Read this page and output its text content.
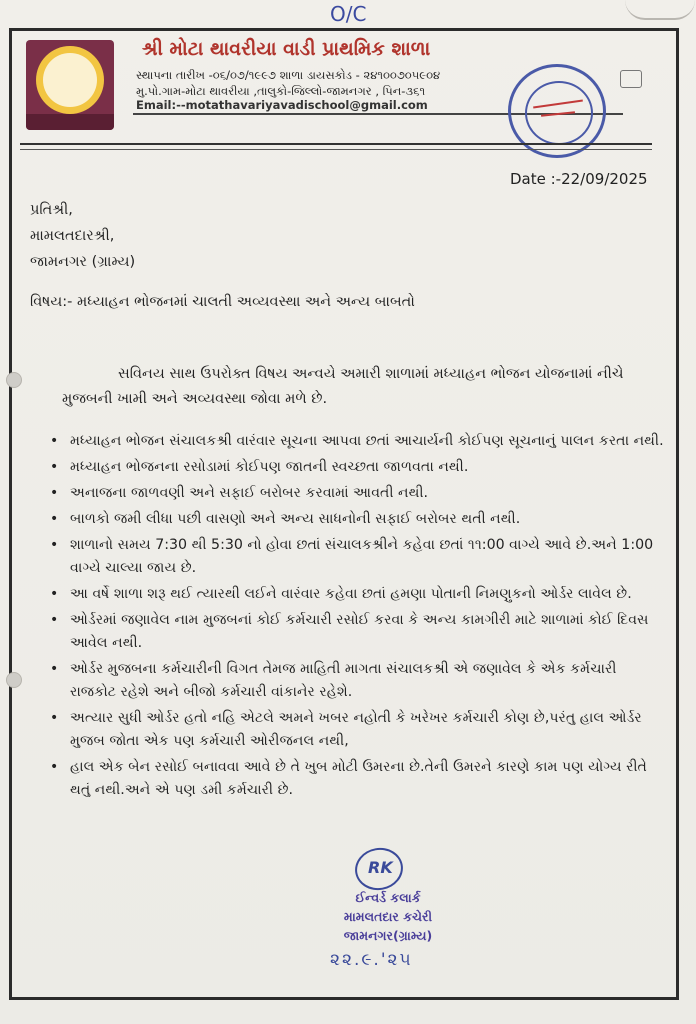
O/C
શ્રી મોટા થાવરીયા વાડી પ્રાથમિક શાળા
સ્થાપના તારીખ -૦૬/૦૭/૧૯૯૭ શાળા ડાયસકોડ - ૨૪૧૦૦૭૦૫૯૦૪
મુ.પો.ગામ-મોટા થાવરીયા ,તાલુકો-જિલ્લો-જામનગર , પિન-૩૬૧
Email:--motathavariyavadischool@gmail.com
Date :-22/09/2025
પ્રતિશ્રી,
મામલતદારશ્રી,
જામનગર (ગ્રામ્ય)
વિષય:- મધ્યાહન ભોજનમાં ચાલતી અવ્યવસ્થા અને અન્ય બાબતો
સવિનય સાથ ઉપરોક્ત વિષય અન્વયે અમારી શાળામાં મધ્યાહન ભોજન યોજનામાં નીચે મુજબની ખામી અને અવ્યવસ્થા જોવા મળે છે.
• મધ્યાહન ભોજન સંચાલકશ્રી વારંવાર સૂચના આપવા છતાં આચાર્યની કોઈપણ સૂચનાનું પાલન કરતા નથી.
• મધ્યાહન ભોજનના રસોડામાં કોઈપણ જાતની સ્વચ્છતા જાળવતા નથી.
• અનાજના જાળવણી અને સફાઈ બરોબર કરવામાં આવતી નથી.
• બાળકો જમી લીધા પછી વાસણો અને અન્ય સાધનોની સફાઈ બરોબર થતી નથી.
• શાળાનો સમય 7:30 થી 5:30 નો હોવા છતાં સંચાલકશ્રીને કહેવા છતાં ૧૧:00 વાગ્યે આવે છે.અને 1:00 વાગ્યે ચાલ્યા જાય છે.
• આ વર્ષે શાળા શરૂ થઈ ત્યારથી લઈને વારંવાર કહેવા છતાં હમણા પોતાની નિમણુકનો ઓર્ડર લાવેલ છે.
• ઓર્ડરમાં જણાવેલ નામ મુજબનાં કોઈ કર્મચારી રસોઈ કરવા કે અન્ય કામગીરી માટે શાળામાં કોઈ દિવસ આવેલ નથી.
• ઓર્ડર મુજબના કર્મચારીની વિગત તેમજ માહિતી માગતા સંચાલકશ્રી એ જણાવેલ કે એક કર્મચારી રાજકોટ રહેશે અને બીજો કર્મચારી વાંકાનેર રહેશે.
• અત્યાર સુધી ઓર્ડર હતો નહિ એટલે અમને ખબર નહોતી કે ખરેખર કર્મચારી કોણ છે,પરંતુ હાલ ઓર્ડર મુજબ જોતા એક પણ કર્મચારી ઓરીજનલ નથી,
• હાલ એક બેન રસોઈ બનાવવા આવે છે તે ખુબ મોટી ઉમરના છે.તેની ઉમરને કારણે કામ પણ યોગ્ય રીતે થતું નથી.અને એ પણ ડમી કર્મચારી છે.
RK
ઈન્વર્ડ કલાર્ક
મામલતદાર કચેરી
જામનગર(ગ્રામ્ય)
૨૨.૯.'૨૫
